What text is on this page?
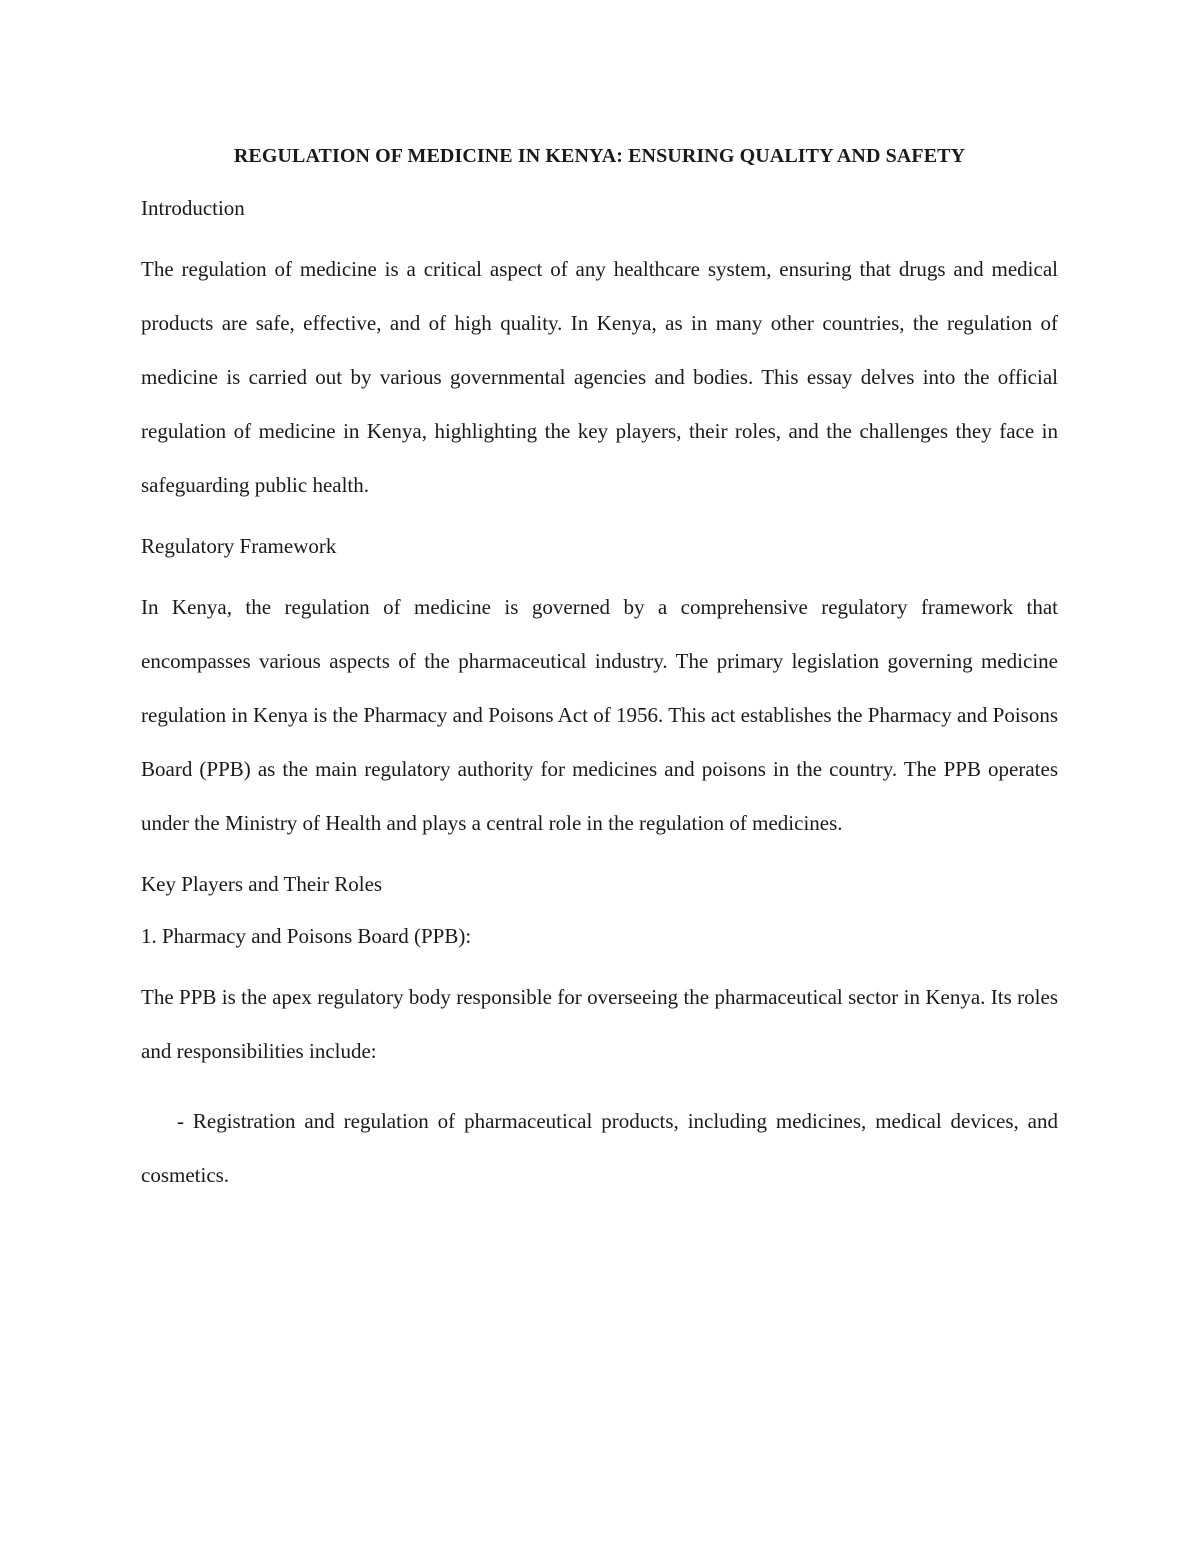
REGULATION OF MEDICINE IN KENYA: ENSURING QUALITY AND SAFETY
Introduction
The regulation of medicine is a critical aspect of any healthcare system, ensuring that drugs and medical products are safe, effective, and of high quality. In Kenya, as in many other countries, the regulation of medicine is carried out by various governmental agencies and bodies. This essay delves into the official regulation of medicine in Kenya, highlighting the key players, their roles, and the challenges they face in safeguarding public health.
Regulatory Framework
In Kenya, the regulation of medicine is governed by a comprehensive regulatory framework that encompasses various aspects of the pharmaceutical industry. The primary legislation governing medicine regulation in Kenya is the Pharmacy and Poisons Act of 1956. This act establishes the Pharmacy and Poisons Board (PPB) as the main regulatory authority for medicines and poisons in the country. The PPB operates under the Ministry of Health and plays a central role in the regulation of medicines.
Key Players and Their Roles
1. Pharmacy and Poisons Board (PPB):
The PPB is the apex regulatory body responsible for overseeing the pharmaceutical sector in Kenya. Its roles and responsibilities include:
- Registration and regulation of pharmaceutical products, including medicines, medical devices, and cosmetics.
